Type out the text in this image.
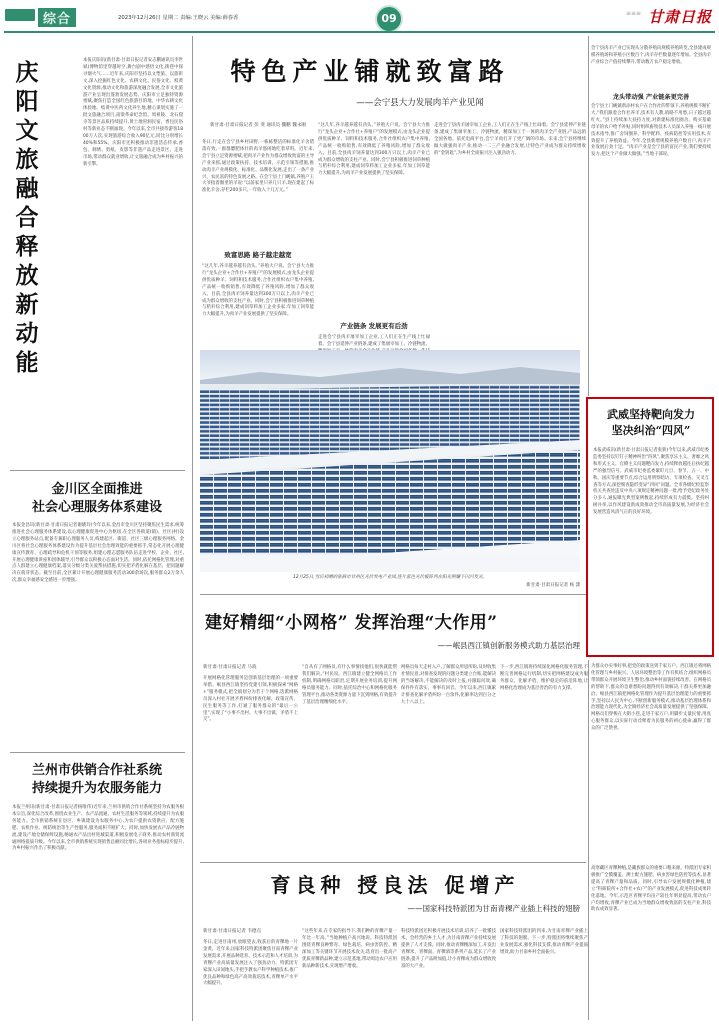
综合	2023年12月26日 星期二 责编:王晓云 美编:薛春香	09	甘肃日报
≡≡≡
庆阳
文旅
融合
释放
新动
能
本报庆阳讯(新甘肃·甘肃日报记者安志鹏通讯员李世斌)博物馆里穿越时空,舞台剧中感悟文化,街巷中探寻烟火气……近年来,庆阳市坚持以文塑旅、以旅彰文,深入挖掘红色文化、农耕文化、民俗文化、岐黄文化资源,推动文化和旅游深度融合发展,全市文化旅游产业呈现出蓬勃发展态势。庆阳市立足独特资源禀赋,聚焦打造全国红色旅游目的地、中华农耕文化体验地、岐黄中医药文化养生地,精心谋划实施了一批文旅融合项目,南梁革命纪念馆、周祖陵、北石窟寺等景区品质持续提升,黄土地窑洞民宿、香包民俗村等新业态不断涌现。今年以来,全市共接待游客1800万人次,实现旅游综合收入90亿元,同比分别增长40%和55%。庆阳市还积极推动非遗活态传承,香包、刺绣、剪纸、皮影等非遗产品走进景区、走进市场,带动群众就业增收,让文旅融合成为乡村振兴的新引擎。
金川区全面推进
社会心理服务体系建设
本报金昌讯(新甘肃·甘肃日报记者谢晓玲)今年以来,金昌市金川区坚持聚焦民生需求,统筹推进社会心理服务体系建设,以心理健康促进中心为枢纽,在全区各街道(镇)、社区(村)设立心理服务站点,配备专兼职心理服务人员,构建起区、街道、社区三级心理服务网络。金川区将社会心理服务体系建设作为提升基层社会治理效能的重要抓手,常态化开展心理健康宣传教育、心理疏导和危机干预等服务,组建心理志愿服务队伍走进学校、企业、社区,开展心理健康讲座和团体辅导,引导群众以积极心态面对生活。同时,依托网格化管理,对重点人群建立心理健康档案,落实分级分类关爱帮扶措施,切实把矛盾化解在基层、把问题解决在萌芽状态。截至目前,全区累计开展心理健康服务活动300余场次,服务群众2万余人次,群众幸福感安全感进一步增强。
兰州市供销合作社系统
持续提升为农服务能力
本报兰州讯(新甘肃·甘肃日报记者杨唯伟)近年来,兰州市供销合作社系统坚持为农服务根本宗旨,深化综合改革,围绕农业生产、农产品流通、农村生活服务等领域,持续提升为农服务能力。全市供销系统在县区、乡镇建设为农服务中心,为农户提供农资供应、配方施肥、农机作业、统防统治等生产性服务,服务面积不断扩大。同时,加快发展农产品冷链物流,建设产地仓储保鲜设施,畅通农产品出村进城渠道,积极发展电子商务,推动农村商贸流通网络提质升级。今年以来,全市供销系统实现销售总额同比增长,各项业务指标稳步提升,为乡村振兴作出了积极贡献。
特色产业铺就致富路
——会宁县大力发展肉羊产业见闻
新甘肃·甘肃日报记者 彭 斐 通讯员 魏鹏 魏永刚
冬日,行走在会宁县乡村田野,一栋栋整洁的标准化羊舍错落有致,一群群膘肥体壮的肉羊悠闲地吃着草料。近年来,会宁县立足资源禀赋,把肉羊产业作为群众增收致富的主导产业来抓,通过政策扶持、技术培训、示范引领等措施,推动肉羊产业规模化、标准化、品牌化发展,走出了一条产业兴、农民富的特色发展之路。在会宁县土门岘镇,养殖户王大爷指着圈里的羊说:“以前家里只养几只羊,现在建起了标准化羊舍,存栏200多只,一年收入十几万元。”
致富思路 路子越走越宽
“这几年,养羊越养越有劲头。”养殖大户说。会宁县大力推行“龙头企业+合作社+养殖户”的发展模式,由龙头企业提供优质种羊、饲料和技术服务,合作社组织农户集中养殖,产品统一收购销售,有效降低了养殖风险,增加了群众收入。目前,全县肉羊饲养量达到300万只以上,肉羊产业已成为群众增收的支柱产业。同时,会宁县积极推进饲草种植与秸秆综合利用,建成饲草料加工企业多家,年加工饲草能力大幅提升,为肉羊产业发展提供了坚实保障。
“这几年,养羊越养越有劲头。”养殖大户说。会宁县大力推行“龙头企业+合作社+养殖户”的发展模式,由龙头企业提供优质种羊、饲料和技术服务,合作社组织农户集中养殖,产品统一收购销售,有效降低了养殖风险,增加了群众收入。目前,全县肉羊饲养量达到300万只以上,肉羊产业已成为群众增收的支柱产业。同时,会宁县积极推进饲草种植与秸秆综合利用,建成饲草料加工企业多家,年加工饲草能力大幅提升,为肉羊产业发展提供了坚实保障。
产业链条 发展更有后劲
走进会宁县肉羊屠宰加工企业,工人们正在生产线上忙碌着。会宁县延伸产业链条,建成了集屠宰加工、冷链物流、
走进会宁县肉羊屠宰加工企业,工人们正在生产线上忙碌着。会宁县延伸产业链条,建成了集屠宰加工、冷链物流、精深加工于一体的肉羊全产业链,产品远销全国各地。依托电商平台,会宁羊肉打开了更广阔的市场。未来,会宁县将继续做大做强肉羊产业,推动一二三产业融合发展,让特色产业成为群众持续增收的“金钥匙”,为乡村全面振兴注入强劲动力。
会宁县肉羊产业已实现从分散养殖向规模养殖转变,全县建成规模养殖场和养殖小区数百个,肉羊存栏数量逐年增加。全县肉羊产业综合产值持续攀升,带动数万农户稳定增收。
龙头带动强 产业链条更完善
会宁县土门岘镇新添村农户在合作社的带领下,养殖规模不断扩大,“我们跟着合作社养羊,技术有人教,销路不用愁,日子越过越红火。”县上持续加大扶持力度,对新建标准化圈舍、购买基础母羊的农户给予补贴,同时组织畜牧技术人员深入养殖一线开展技术指导,推广舍饲圈养、科学配料、疫病防控等实用技术,有效提升了养殖效益。今年,全县新增规模养殖户数百户,肉羊产业发展后劲十足。“肉羊产业是会宁县的富民产业,我们要持续发力,把这个产业做大做强。”当地干部说。
武威坚持靶向发力
坚决纠治“四风”
本报武威讯(新甘肃·甘肃日报记者张新)今年以来,武威市纪委监委坚持以钉钉子精神纠治“四风”,聚焦享乐主义、奢靡之风和形式主义、官僚主义问题靶向发力,持续释放越往后执纪越严的强烈信号。武威市纪委监委紧盯元旦、春节、五一、中秋、国庆等重要节点,综合运用明察暗访、专项检查、交叉互查等方式,深挖细查隐形变异“四风”问题。全市各级纪检监察机关共查处违反中央八项规定精神问题一批,给予党纪政务处分多人,通报曝光典型案例数起,持续形成有力震慑。坚持纠树并举,以作风建设新成效推动全市高质量发展,为经济社会发展营造风清气正的良好环境。
12月25日,雪后初晴的张掖市甘州区光伏发电产业园,连片蓝色光伏板阵列在阳光照耀下闪闪发光。
新甘肃·甘肃日报记者 杨 潇
建好精细“小网格” 发挥治理“大作用”
——岷县西江镇创新服务模式助力基层治理
新甘肃·甘肃日报记者 马骁
开展网格化管理服务是创新基层治理的一项重要举措。岷县西江镇坚持党建引领,积极探索“网格+”服务模式,把全镇划分为若干个网格,选派网格员深入村社开展矛盾纠纷排查化解、政策宣传、民生服务等工作,打通了服务群众的“最后一公里”,实现了“小事不出村、大事不出镇、矛盾不上交”。
“自从有了网格员,有什么事情找他们,很快就能帮我们解决。”村民说。西江镇建立健全网格员工作机制,明确网格员职责,定期开展业务培训,提升网格员服务能力。同时,依托综治中心和网格化服务管理平台,推动各类资源力量下沉到网格,有效提升了基层治理精细化水平。
网格员每天走村入户,了解群众所思所盼,及时收集社情民意,对排查发现的问题分类建立台账,能解决的当场解决,不能解决的及时上报,并跟踪问效,确保件件有落实、事事有回音。今年以来,西江镇累计排查化解矛盾纠纷一百余件,化解率达到百分之九十八以上。
下一步,西江镇将持续深化网格化服务管理,不断完善网格运行机制,切实把网格建设成为服务群众、化解矛盾、维护稳定的前沿阵地,让网格化治理成为基层善治的有力支撑。
为群众办实事好事,把党的政策送到千家万户。西江镇还将网格化管理与乡村振兴、人居环境整治等工作有机结合,组织网格员带领群众开展环境卫生整治,推动乡村面貌持续改善。在网格员的帮助下,群众的急难愁盼问题得到有效解决,干群关系更加融洽。岷县西江镇把网格化管理作为提升基层治理能力的重要抓手,坚持以人民为中心,不断创新服务模式,推动基层治理体系和治理能力现代化,为全镇经济社会高质量发展提供了坚强保障。网格员们穿梭在大街小巷,走进千家万户,用脚步丈量民情,用真心服务群众,以实际行动诠释着为民服务的初心使命,赢得了群众的广泛赞誉。
育良种 授良法 促增产
——国家科技特派团为甘南青稞产业插上科技的翅膀
新甘肃·甘肃日报记者 韦德点
冬日,走进甘南州,放眼望去,收获后的青稞地一片金黄。近年来,国家科技特派团聚焦甘南青稞产业发展需求,开展品种选育、技术示范和人才培训,为青稞产业高质量发展注入了强劲动力。特派团专家深入田间地头,手把手教农户科学种植技术,推广优良品种和绿色高产高效栽培技术,青稞单产水平大幅提升。
“这些年来,在专家的指导下,我们种的青稞产量一年比一年高。”当地种植户高兴地说。科技特派团围绕青稞良种繁育、绿色栽培、病虫害防控、精深加工等关键环节开展技术攻关,选育出一批高产优质青稞新品种,建立示范基地,带动周边农户应用新品种新技术,实现增产增收。
科技特派团还积极开展技术培训,培养了一批懂技术、会经营的乡土人才,为甘南青稞产业持续发展提供了人才支撑。同时,推动青稞精深加工,开发出青稞米、青稞面、青稞酒等系列产品,延长了产业链条,提升了产品附加值,让小青稞成为群众增收致富的大产业。
国家科技特派团的到来,为甘南青稞产业插上了科技的翅膀。下一步,特派团将继续聚焦产业发展需求,强化科技支撑,推动青稞产业提质增效,助力甘南乡村全面振兴。
高寒藏区青稞种植,是藏族群众的重要口粮来源。特派团专家积极推广全膜覆盖、测土配方施肥、病虫害绿色防控等技术,显著提高了青稞产量和品质。同时,引导农户发展规模化种植,建立“科研院所+合作社+农户”的产业发展模式,促进科技成果转化落地。今年,示范区青稞平均亩产较往年明显提高,带动农户户均增收,青稞产业已成为当地群众增收致富的支柱产业,科技助农成效显著。
